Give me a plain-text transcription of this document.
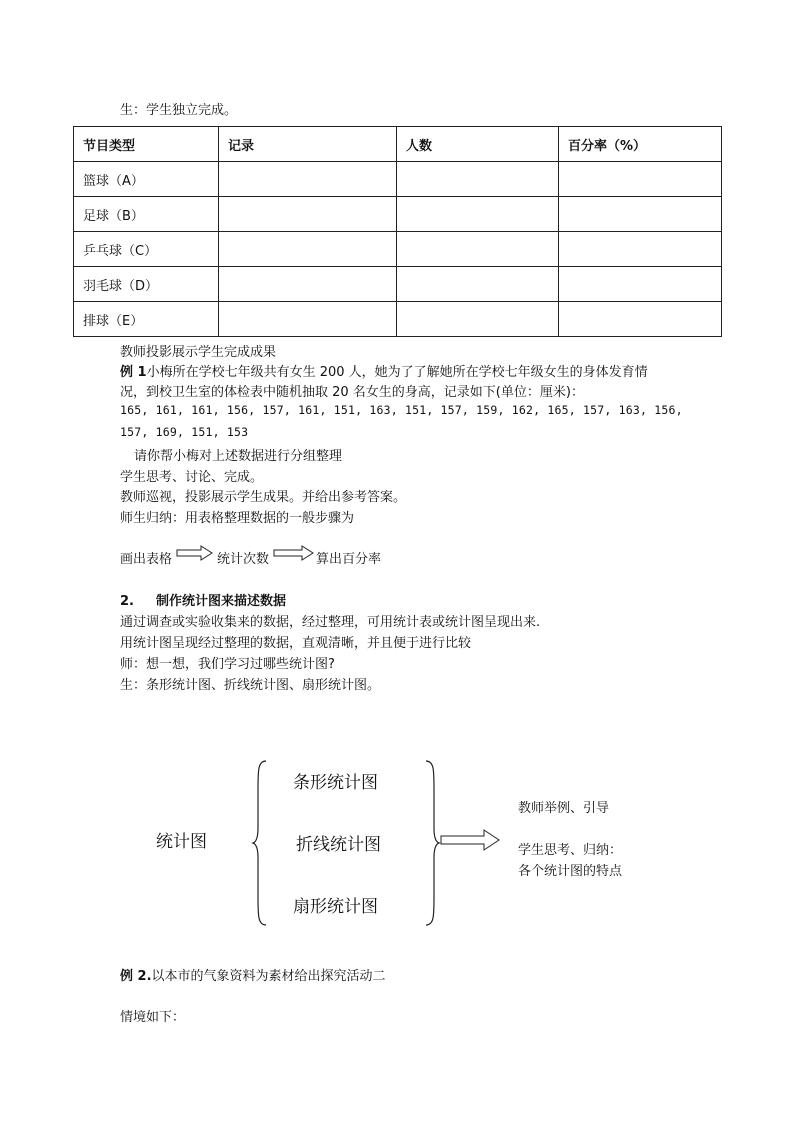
生：学生独立完成。
节目类型	记录	人数	百分率（%）
篮球（A）			
足球（B）			
乒乓球（C）			
羽毛球（D）			
排球（E）			
教师投影展示学生完成成果
例 1小梅所在学校七年级共有女生 200 人，她为了了解她所在学校七年级女生的身体发育情
况，到校卫生室的体检表中随机抽取 20 名女生的身高，记录如下(单位：厘米)：
165, 161, 161, 156, 157, 161, 151, 163, 151, 157, 159, 162, 165, 157, 163, 156,
157, 169, 151, 153
请你帮小梅对上述数据进行分组整理
学生思考、讨论、完成。
教师巡视，投影展示学生成果。并给出参考答案。
师生归纳：用表格整理数据的一般步骤为
画出表格	统计次数	算出百分率
2. 制作统计图来描述数据
通过调查或实验收集来的数据，经过整理，可用统计表或统计图呈现出来.
用统计图呈现经过整理的数据，直观清晰，并且便于进行比较
师：想一想，我们学习过哪些统计图?
生：条形统计图、折线统计图、扇形统计图。
统计图
条形统计图
折线统计图
扇形统计图
教师举例、引导
学生思考、归纳：
各个统计图的特点
例 2.以本市的气象资料为素材给出探究活动二
情境如下：
